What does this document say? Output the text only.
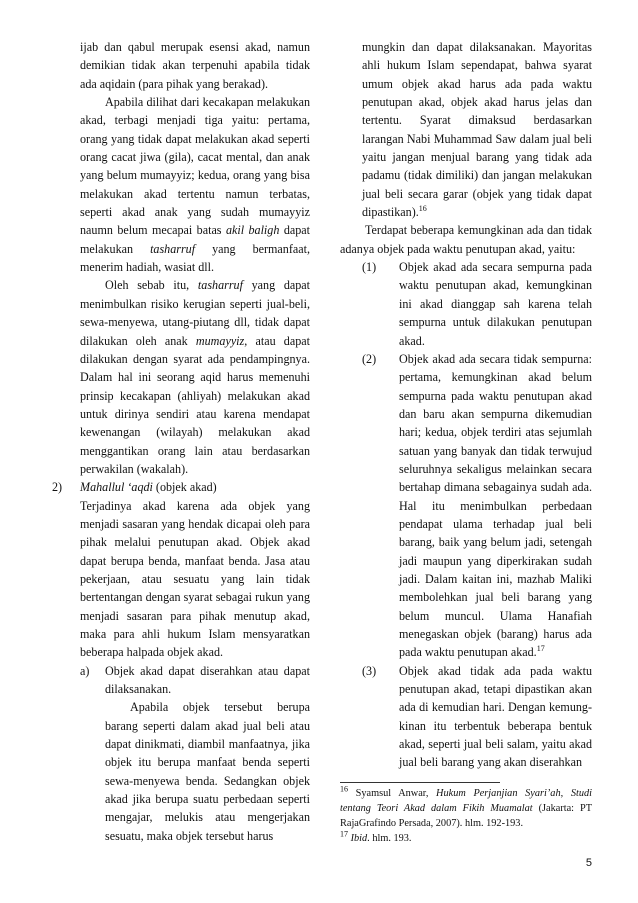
ijab dan qabul merupak esensi akad, namun demikian tidak akan terpenuhi apabila tidak ada aqidain (para pihak yang berakad).

Apabila dilihat dari kecakapan melakukan akad, terbagi menjadi tiga yaitu: pertama, orang yang tidak dapat melakukan akad seperti orang cacat jiwa (gila), cacat mental, dan anak yang belum mumayyiz; kedua, orang yang bisa melakukan akad tertentu namun terbatas, seperti akad anak yang sudah mumayyiz naumn belum mecapai batas akil baligh dapat melakukan tasharruf yang bermanfaat, menerim hadiah, wasiat dll.

Oleh sebab itu, tasharruf yang dapat menimbulkan risiko kerugian seperti jual-beli, sewa-menyewa, utang-piutang dll, tidak dapat dilakukan oleh anak mumayyiz, atau dapat dilakukan dengan syarat ada pendampingnya. Dalam hal ini seorang aqid harus memenuhi prinsip kecakapan (ahliyah) melakukan akad untuk dirinya sendiri atau karena mendapat kewenangan (wilayah) melakukan akad menggantikan orang lain atau berdasarkan perwakilan (wakalah).

2) Mahallul ‘aqdi (objek akad)

Terjadinya akad karena ada objek yang menjadi sasaran yang hendak dicapai oleh para pihak melalui penutupan akad. Objek akad dapat berupa benda, manfaat benda. Jasa atau pekerjaan, atau sesuatu yang lain tidak bertentangan dengan syarat sebagai rukun yang menjadi sasaran para pihak menutup akad, maka para ahli hukum Islam mensyaratkan beberapa halpada objek akad.

a) Objek akad dapat diserahkan atau dapat dilaksanakan.

Apabila objek tersebut berupa barang seperti dalam akad jual beli atau dapat dinikmati, diambil manfaatnya, jika objek itu berupa manfaat benda seperti sewa-menyewa benda. Sedangkan objek akad jika berupa suatu perbedaan seperti mengajar, melukis atau mengerjakan sesuatu, maka objek tersebut harus

mungkin dan dapat dilaksanakan. Mayoritas ahli hukum Islam sependapat, bahwa syarat umum objek akad harus ada pada waktu penutupan akad, objek akad harus jelas dan tertentu. Syarat dimaksud berdasarkan larangan Nabi Muhammad Saw dalam jual beli yaitu jangan menjual barang yang tidak ada padamu (tidak dimiliki) dan jangan melakukan jual beli secara garar (objek yang tidak dapat dipastikan).$^{16}$

Terdapat beberapa kemungkinan ada dan tidak adanya objek pada waktu penutupan akad, yaitu:

(1) Objek akad ada secara sempurna pada waktu penutupan akad, kemungkinan ini akad dianggap sah karena telah sempurna untuk dilakukan penutupan akad.

(2) Objek akad ada secara tidak sempurna: pertama, kemungkinan akad belum sempurna pada waktu penutupan akad dan baru akan sempurna dikemudian hari; kedua, objek terdiri atas sejumlah satuan yang banyak dan tidak terwujud seluruhnya sekaligus melainkan secara bertahap dimana sebagainya sudah ada. Hal itu menimbulkan perbedaan pendapat ulama terhadap jual beli barang, baik yang belum jadi, setengah jadi maupun yang diperkirakan sudah jadi. Dalam kaitan ini, mazhab Maliki membolehkan jual beli barang yang belum muncul. Ulama Hanafiah menegaskan objek (barang) harus ada pada waktu penutupan akad.$^{17}$

(3) Objek akad tidak ada pada waktu penutupan akad, tetapi dipastikan akan ada di kemudian hari. Dengan kemung-kinan itu terbentuk beberapa bentuk akad, seperti jual beli salam, yaitu akad jual beli barang yang akan diserahkan

$^{16}$ Syamsul Anwar, Hukum Perjanjian Syari’ah, Studi tentang Teori Akad dalam Fikih Muamalat (Jakarta: PT RajaGrafindo Persada, 2007). hlm. 192-193.

$^{17}$ Ibid. hlm. 193.

5
